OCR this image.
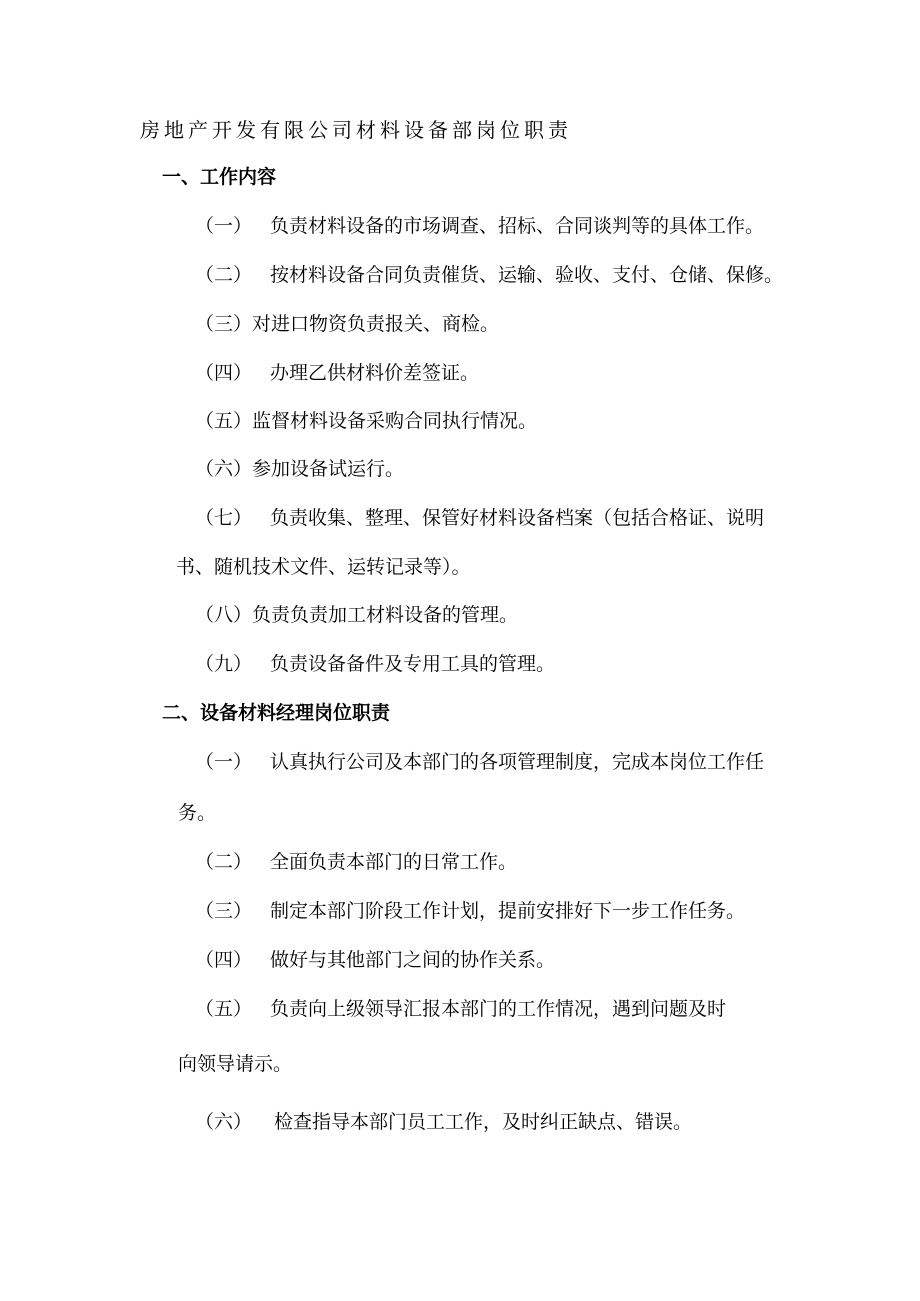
房地产开发有限公司材料设备部岗位职责
一、工作内容
（一） 负责材料设备的市场调查、招标、合同谈判等的具体工作。
（二） 按材料设备合同负责催货、运输、验收、支付、仓储、保修。
（三）对进口物资负责报关、商检。
（四） 办理乙供材料价差签证。
（五）监督材料设备采购合同执行情况。
（六）参加设备试运行。
（七） 负责收集、整理、保管好材料设备档案（包括合格证、说明
书、随机技术文件、运转记录等）。
（八）负责负责加工材料设备的管理。
（九） 负责设备备件及专用工具的管理。
二、设备材料经理岗位职责
（一） 认真执行公司及本部门的各项管理制度，完成本岗位工作任
务。
（二） 全面负责本部门的日常工作。
（三） 制定本部门阶段工作计划，提前安排好下一步工作任务。
（四） 做好与其他部门之间的协作关系。
（五） 负责向上级领导汇报本部门的工作情况，遇到问题及时
向领导请示。
（六） 检查指导本部门员工工作，及时纠正缺点、错误。
